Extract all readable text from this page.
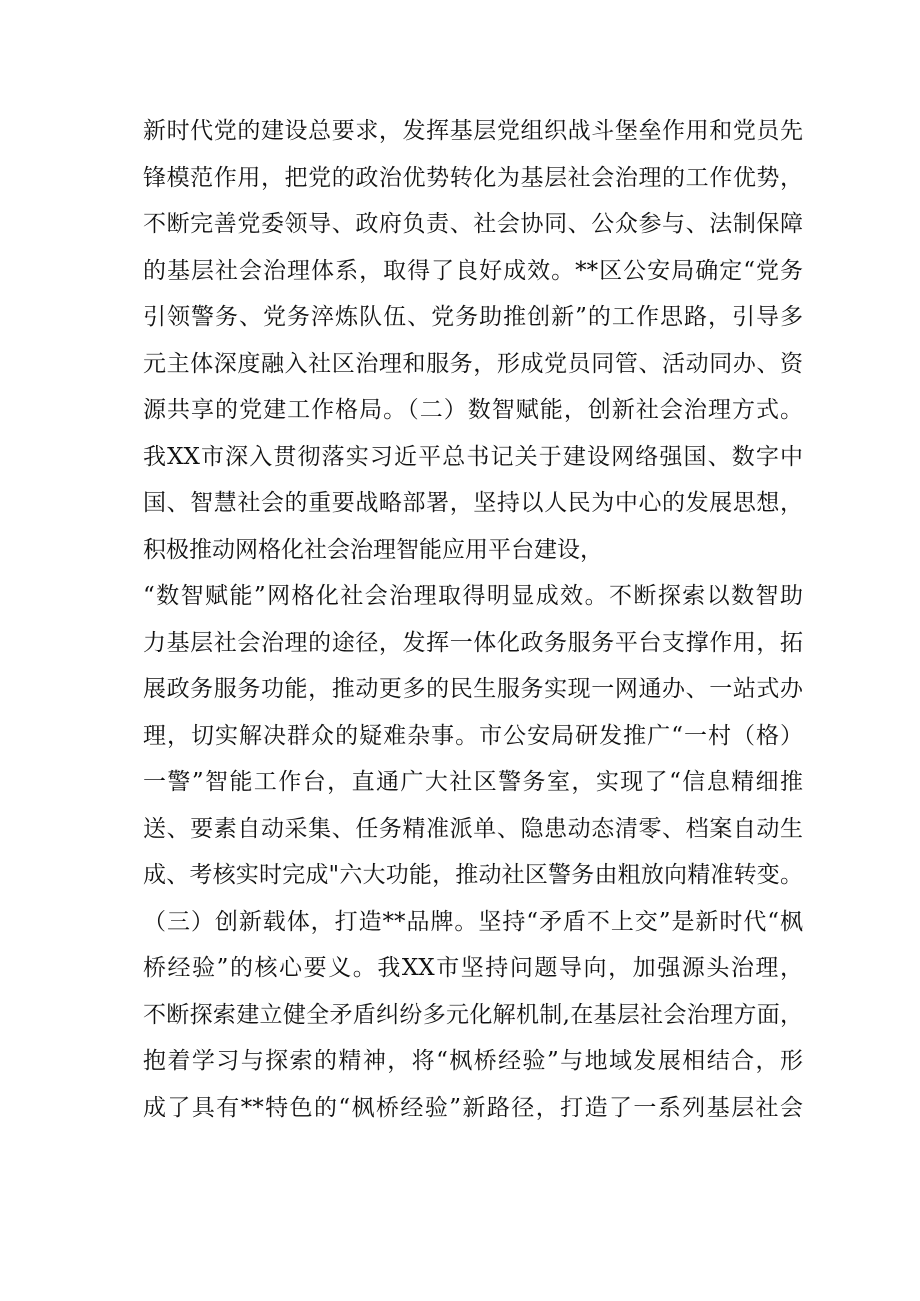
新时代党的建设总要求，发挥基层党组织战斗堡垒作用和党员先
锋模范作用，把党的政治优势转化为基层社会治理的工作优势，
不断完善党委领导、政府负责、社会协同、公众参与、法制保障
的基层社会治理体系，取得了良好成效。**区公安局确定“党务
引领警务、党务淬炼队伍、党务助推创新”的工作思路，引导多
元主体深度融入社区治理和服务，形成党员同管、活动同办、资
源共享的党建工作格局。（二）数智赋能，创新社会治理方式。
我XX市深入贯彻落实习近平总书记关于建设网络强国、数字中
国、智慧社会的重要战略部署，坚持以人民为中心的发展思想，
积极推动网格化社会治理智能应用平台建设，
“数智赋能”网格化社会治理取得明显成效。不断探索以数智助
力基层社会治理的途径，发挥一体化政务服务平台支撑作用，拓
展政务服务功能，推动更多的民生服务实现一网通办、一站式办
理，切实解决群众的疑难杂事。市公安局研发推广“一村（格）
一警”智能工作台，直通广大社区警务室，实现了“信息精细推
送、要素自动采集、任务精准派单、隐患动态清零、档案自动生
成、考核实时完成"六大功能，推动社区警务由粗放向精准转变。
（三）创新载体，打造**品牌。坚持“矛盾不上交”是新时代“枫
桥经验”的核心要义。我XX市坚持问题导向，加强源头治理，
不断探索建立健全矛盾纠纷多元化解机制,在基层社会治理方面，
抱着学习与探索的精神，将“枫桥经验”与地域发展相结合，形
成了具有**特色的“枫桥经验”新路径，打造了一系列基层社会
